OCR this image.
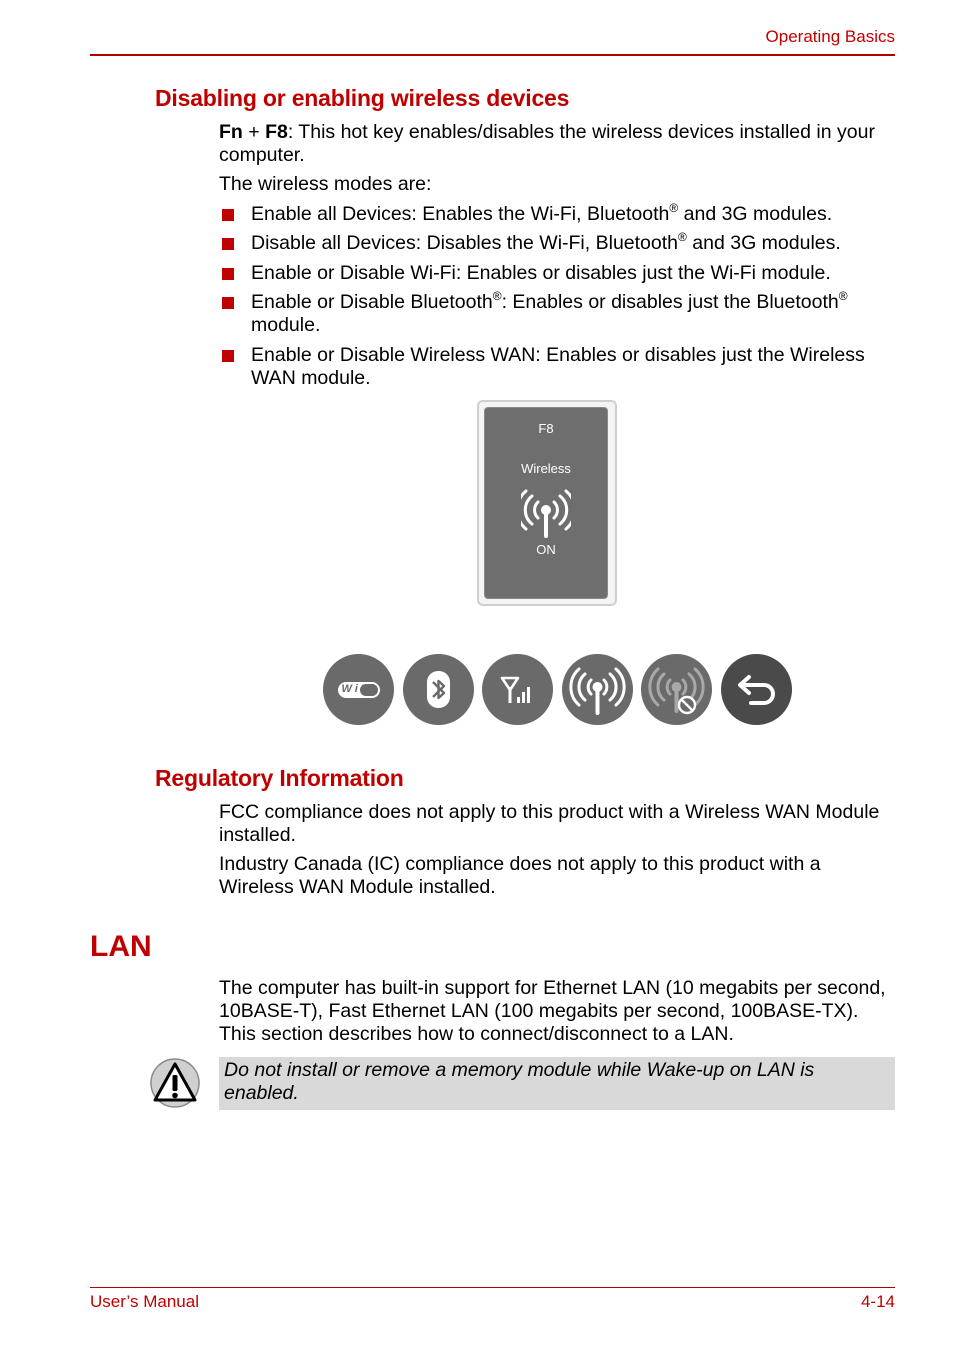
Operating Basics
Disabling or enabling wireless devices
Fn + F8: This hot key enables/disables the wireless devices installed in your computer.
The wireless modes are:
Enable all Devices: Enables the Wi-Fi, Bluetooth® and 3G modules.
Disable all Devices: Disables the Wi-Fi, Bluetooth® and 3G modules.
Enable or Disable Wi-Fi: Enables or disables just the Wi-Fi module.
Enable or Disable Bluetooth®: Enables or disables just the Bluetooth® module.
Enable or Disable Wireless WAN: Enables or disables just the Wireless WAN module.
F8
Wireless
ON
WiFi
Regulatory Information
FCC compliance does not apply to this product with a Wireless WAN Module installed.
Industry Canada (IC) compliance does not apply to this product with a Wireless WAN Module installed.
LAN
The computer has built-in support for Ethernet LAN (10 megabits per second, 10BASE-T), Fast Ethernet LAN (100 megabits per second, 100BASE-TX). This section describes how to connect/disconnect to a LAN.
Do not install or remove a memory module while Wake-up on LAN is enabled.
User’s Manual	4-14
